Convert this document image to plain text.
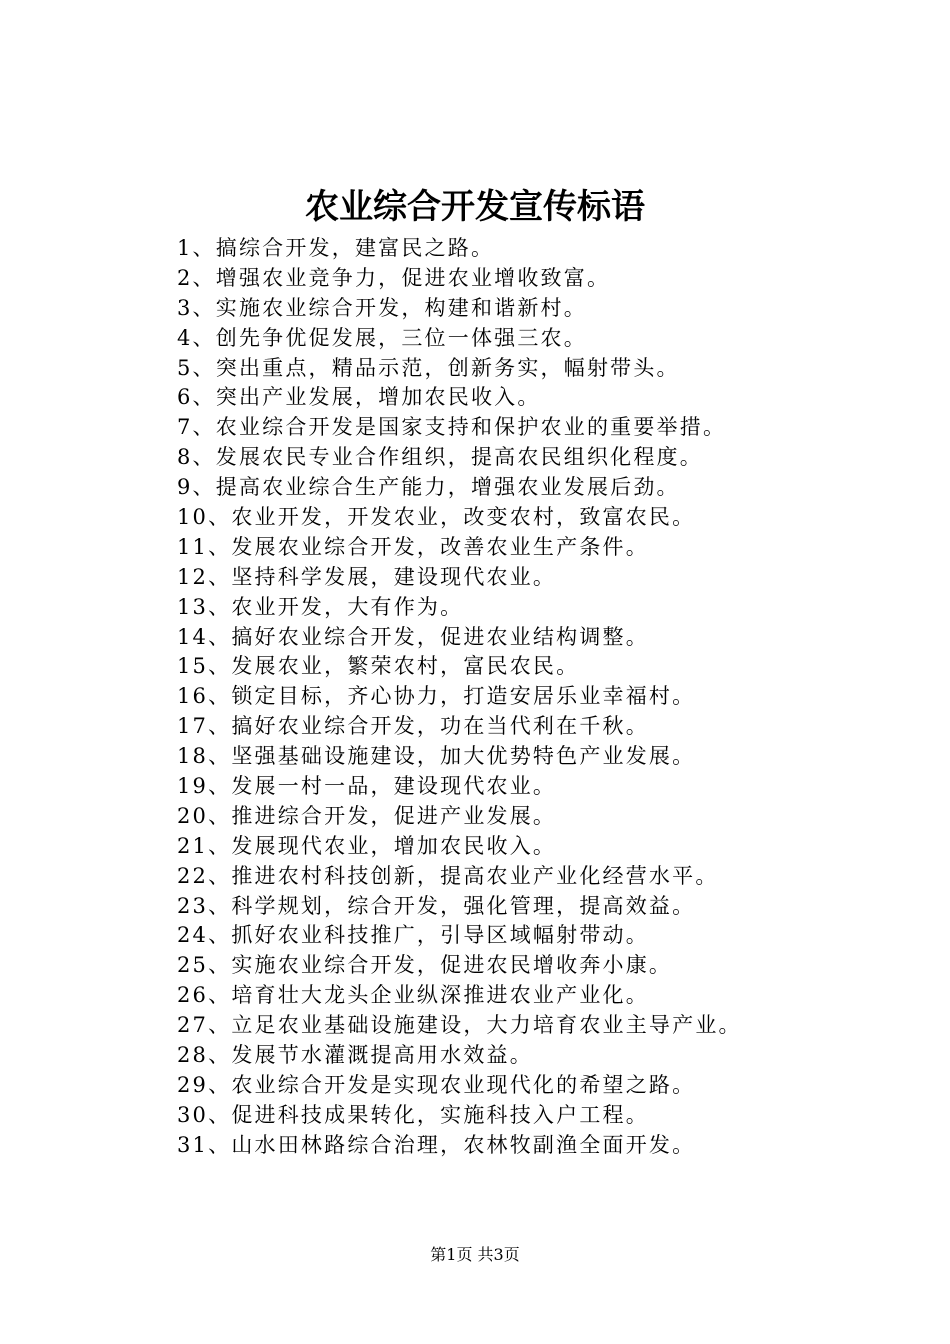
农业综合开发宣传标语
1、搞综合开发，建富民之路。
2、增强农业竞争力，促进农业增收致富。
3、实施农业综合开发，构建和谐新村。
4、创先争优促发展，三位一体强三农。
5、突出重点，精品示范，创新务实，幅射带头。
6、突出产业发展，增加农民收入。
7、农业综合开发是国家支持和保护农业的重要举措。
8、发展农民专业合作组织，提高农民组织化程度。
9、提高农业综合生产能力，增强农业发展后劲。
10、农业开发，开发农业，改变农村，致富农民。
11、发展农业综合开发，改善农业生产条件。
12、坚持科学发展，建设现代农业。
13、农业开发，大有作为。
14、搞好农业综合开发，促进农业结构调整。
15、发展农业，繁荣农村，富民农民。
16、锁定目标，齐心协力，打造安居乐业幸福村。
17、搞好农业综合开发，功在当代利在千秋。
18、坚强基础设施建设，加大优势特色产业发展。
19、发展一村一品，建设现代农业。
20、推进综合开发，促进产业发展。
21、发展现代农业，增加农民收入。
22、推进农村科技创新，提高农业产业化经营水平。
23、科学规划，综合开发，强化管理，提高效益。
24、抓好农业科技推广，引导区域幅射带动。
25、实施农业综合开发，促进农民增收奔小康。
26、培育壮大龙头企业纵深推进农业产业化。
27、立足农业基础设施建设，大力培育农业主导产业。
28、发展节水灌溉提高用水效益。
29、农业综合开发是实现农业现代化的希望之路。
30、促进科技成果转化，实施科技入户工程。
31、山水田林路综合治理，农林牧副渔全面开发。
第1页 共3页
